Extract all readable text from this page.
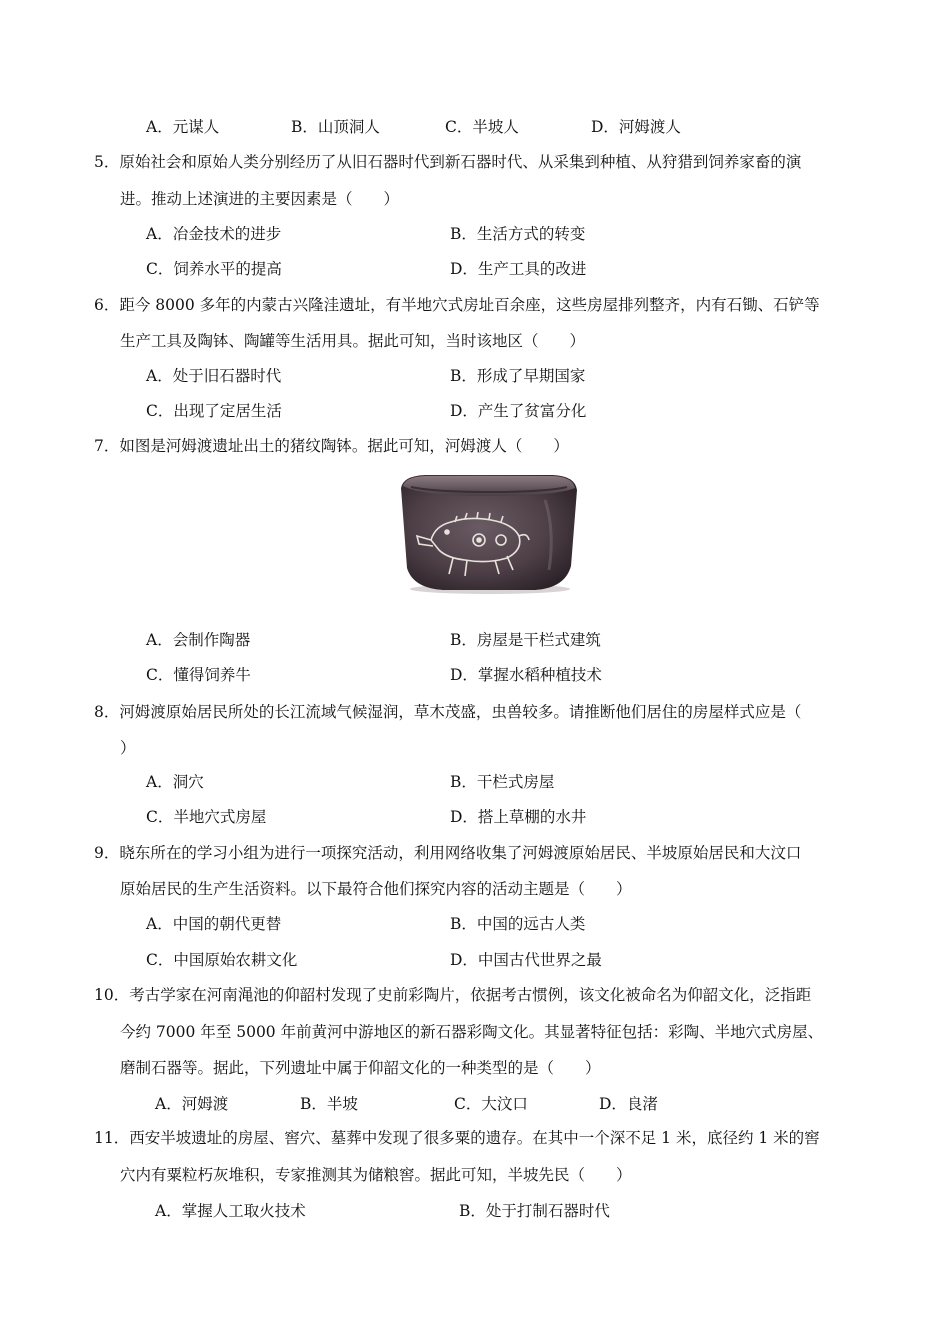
A．元谋人	B．山顶洞人	C．半坡人	D．河姆渡人
5．原始社会和原始人类分别经历了从旧石器时代到新石器时代、从采集到种植、从狩猎到饲养家畜的演
进。推动上述演进的主要因素是（　　）
A．冶金技术的进步	B．生活方式的转变
C．饲养水平的提高	D．生产工具的改进
6．距今 8000 多年的内蒙古兴隆洼遗址，有半地穴式房址百余座，这些房屋排列整齐，内有石锄、石铲等
生产工具及陶钵、陶罐等生活用具。据此可知，当时该地区（　　）
A．处于旧石器时代	B．形成了早期国家
C．出现了定居生活	D．产生了贫富分化
7．如图是河姆渡遗址出土的猪纹陶钵。据此可知，河姆渡人（　　）
A．会制作陶器	B．房屋是干栏式建筑
C．懂得饲养牛	D．掌握水稻种植技术
8．河姆渡原始居民所处的长江流域气候湿润，草木茂盛，虫兽较多。请推断他们居住的房屋样式应是（
）
A．洞穴	B．干栏式房屋
C．半地穴式房屋	D．搭上草棚的水井
9．晓东所在的学习小组为进行一项探究活动，利用网络收集了河姆渡原始居民、半坡原始居民和大汶口
原始居民的生产生活资料。以下最符合他们探究内容的活动主题是（　　）
A．中国的朝代更替	B．中国的远古人类
C．中国原始农耕文化	D．中国古代世界之最
10．考古学家在河南渑池的仰韶村发现了史前彩陶片，依据考古惯例，该文化被命名为仰韶文化，泛指距
今约 7000 年至 5000 年前黄河中游地区的新石器彩陶文化。其显著特征包括：彩陶、半地穴式房屋、
磨制石器等。据此，下列遗址中属于仰韶文化的一种类型的是（　　）
A．河姆渡	B．半坡	C．大汶口	D．良渚
11．西安半坡遗址的房屋、窖穴、墓葬中发现了很多粟的遗存。在其中一个深不足 1 米，底径约 1 米的窖
穴内有粟粒朽灰堆积，专家推测其为储粮窖。据此可知，半坡先民（　　）
A．掌握人工取火技术	B．处于打制石器时代
